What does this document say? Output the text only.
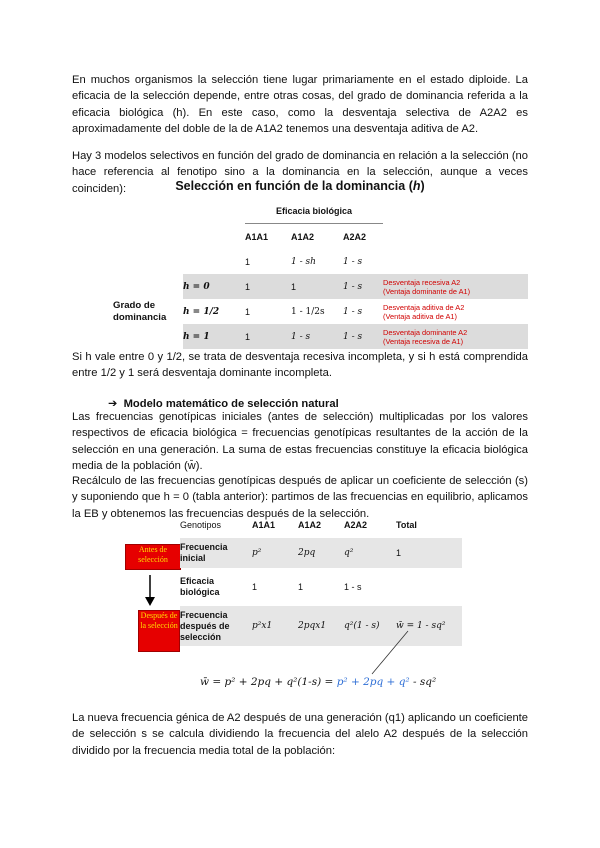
En muchos organismos la selección tiene lugar primariamente en el estado diploide. La eficacia de la selección depende, entre otras cosas, del grado de dominancia referida a la eficacia biológica (h). En este caso, como la desventaja selectiva de A2A2 es aproximadamente del doble de la de A1A2 tenemos una desventaja aditiva de A2.

Hay 3 modelos selectivos en función del grado de dominancia en relación a la selección (no hace referencia al fenotipo sino a la dominancia en la selección, aunque a veces coinciden):	Selección en función de la dominancia (h)
		Eficacia biológica			
		A1A1	A1A2	A2A2	
		1	1 - sh	1 - s	
Grado de
dominancia	h = 0	1	1	1 - s	Desventaja recesiva A2
(Ventaja dominante de A1)
	h = 1/2	1	1 - 1/2s	1 - s	Desventaja aditiva de A2
(Ventaja aditiva de A1)
	h = 1	1	1 - s	1 - s	Desventaja dominante A2
(Ventaja recesiva de A1)

Si h vale entre 0 y 1/2, se trata de desventaja recesiva incompleta, y si h está comprendida entre 1/2 y 1 será desventaja dominante incompleta.

➔ Modelo matemático de selección natural

Las frecuencias genotípicas iniciales (antes de selección) multiplicadas por los valores respectivos de eficacia biológica = frecuencias genotípicas resultantes de la acción de la selección en una generación. La suma de estas frecuencias constituye la eficacia biológica media de la población (w̄).

Recálculo de las frecuencias genotípicas después de aplicar un coeficiente de selección (s) y suponiendo que h = 0 (tabla anterior): partimos de las frecuencias en equilibrio, aplicamos la EB y obtenemos las frecuencias después de la selección.

Antes de selección
Después de la selección
Genotipos	A1A1	A1A2	A2A2	Total
Frecuencia
inicial	p²	2pq	q²	1
Eficacia
biológica	1	1	1 - s	
Frecuencia
después de
selección	p²x1	2pqx1	q²(1 - s)	w̄ = 1 - sq²
w̄ = p² + 2pq + q²(1-s) = p² + 2pq + q² - sq²

La nueva frecuencia génica de A2 después de una generación (q1) aplicando un coeficiente de selección s se calcula dividiendo la frecuencia del alelo A2 después de la selección dividido por la frecuencia media total de la población:
